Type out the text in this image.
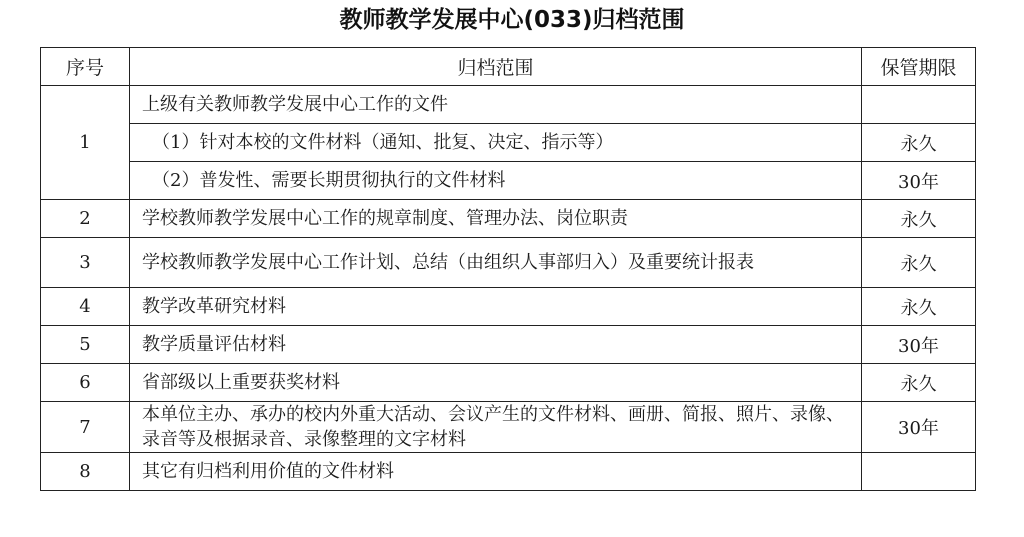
教师教学发展中心(033)归档范围
序号	归档范围	保管期限
1	上级有关教师教学发展中心工作的文件	
	（1）针对本校的文件材料（通知、批复、决定、指示等）	永久
	（2）普发性、需要长期贯彻执行的文件材料	30年
2	学校教师教学发展中心工作的规章制度、管理办法、岗位职责	永久
3	学校教师教学发展中心工作计划、总结（由组织人事部归入）及重要统计报表	永久
4	教学改革研究材料	永久
5	教学质量评估材料	30年
6	省部级以上重要获奖材料	永久
7	本单位主办、承办的校内外重大活动、会议产生的文件材料、画册、简报、照片、录像、录音等及根据录音、录像整理的文字材料	30年
8	其它有归档利用价值的文件材料	
